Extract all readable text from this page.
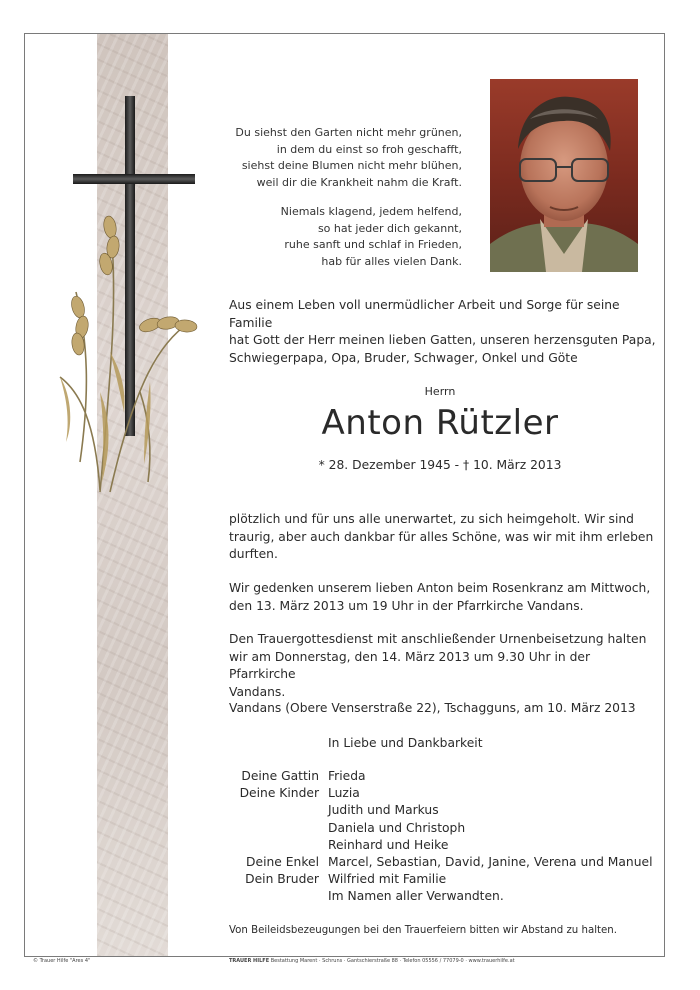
Du siehst den Garten nicht mehr grünen,

in dem du einst so froh geschafft,

siehst deine Blumen nicht mehr blühen,

weil dir die Krankheit nahm die Kraft.

Niemals klagend, jedem helfend,

so hat jeder dich gekannt,

ruhe sanft und schlaf in Frieden,

hab für alles vielen Dank.

Aus einem Leben voll unermüdlicher Arbeit und Sorge für seine Familie

hat Gott der Herr meinen lieben Gatten, unseren herzensguten Papa,

Schwiegerpapa, Opa, Bruder, Schwager, Onkel und Göte

Herrn
Anton Rützler
* 28. Dezember 1945 - † 10. März 2013

plötzlich und für uns alle unerwartet, zu sich heimgeholt. Wir sind

traurig, aber auch dankbar für alles Schöne, was wir mit ihm erleben

durften.

Wir gedenken unserem lieben Anton beim Rosenkranz am Mittwoch,

den 13. März 2013 um 19 Uhr in der Pfarrkirche Vandans.

Den Trauergottesdienst mit anschließender Urnenbeisetzung halten

wir am Donnerstag, den 14. März 2013 um 9.30 Uhr in der Pfarrkirche

Vandans.

Vandans (Obere Venserstraße 22), Tschagguns, am 10. März 2013
In Liebe und Dankbarkeit
Deine Gattin Frieda
Deine Kinder Luzia
Judith und Markus
Daniela und Christoph
Reinhard und Heike
Deine Enkel Marcel, Sebastian, David, Janine, Verena und Manuel
Dein Bruder Wilfried mit Familie
Im Namen aller Verwandten.
Von Beileidsbezeugungen bei den Trauerfeiern bitten wir Abstand zu halten.
© Trauer Hilfe "Ares 4"	TRAUER HILFE Bestattung Marent · Schruns · Gantschierstraße 88 · Telefon 05556 / 77079-0 · www.trauerhilfe.at
